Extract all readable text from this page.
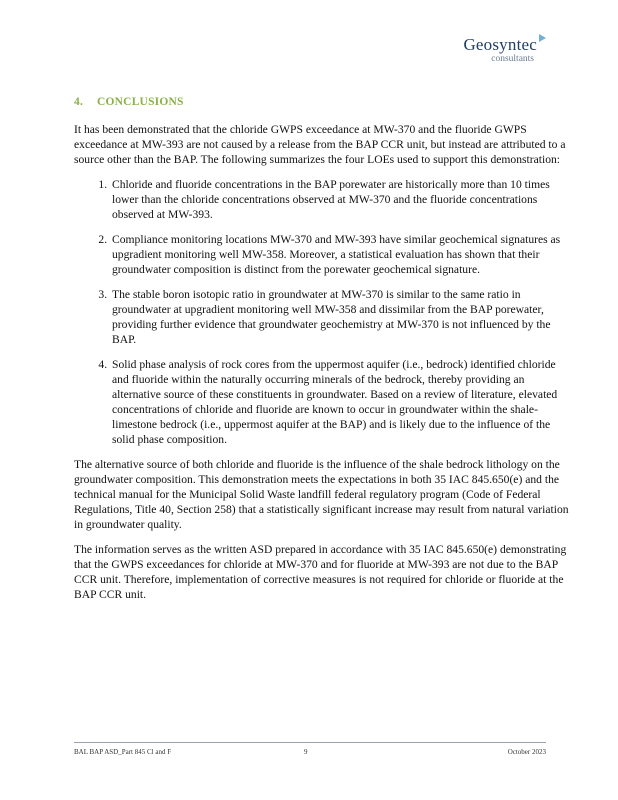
Geosyntec
consultants
4. CONCLUSIONS

It has been demonstrated that the chloride GWPS exceedance at MW-370 and the fluoride GWPS exceedance at MW-393 are not caused by a release from the BAP CCR unit, but instead are attributed to a source other than the BAP. The following summarizes the four LOEs used to support this demonstration:

1. Chloride and fluoride concentrations in the BAP porewater are historically more than 10 times lower than the chloride concentrations observed at MW-370 and the fluoride concentrations observed at MW-393.
2. Compliance monitoring locations MW-370 and MW-393 have similar geochemical signatures as upgradient monitoring well MW-358. Moreover, a statistical evaluation has shown that their groundwater composition is distinct from the porewater geochemical signature.
3. The stable boron isotopic ratio in groundwater at MW-370 is similar to the same ratio in groundwater at upgradient monitoring well MW-358 and dissimilar from the BAP porewater, providing further evidence that groundwater geochemistry at MW-370 is not influenced by the BAP.
4. Solid phase analysis of rock cores from the uppermost aquifer (i.e., bedrock) identified chloride and fluoride within the naturally occurring minerals of the bedrock, thereby providing an alternative source of these constituents in groundwater. Based on a review of literature, elevated concentrations of chloride and fluoride are known to occur in groundwater within the shale-limestone bedrock (i.e., uppermost aquifer at the BAP) and is likely due to the influence of the solid phase composition.

The alternative source of both chloride and fluoride is the influence of the shale bedrock lithology on the groundwater composition. This demonstration meets the expectations in both 35 IAC 845.650(e) and the technical manual for the Municipal Solid Waste landfill federal regulatory program (Code of Federal Regulations, Title 40, Section 258) that a statistically significant increase may result from natural variation in groundwater quality.

The information serves as the written ASD prepared in accordance with 35 IAC 845.650(e) demonstrating that the GWPS exceedances for chloride at MW-370 and for fluoride at MW-393 are not due to the BAP CCR unit. Therefore, implementation of corrective measures is not required for chloride or fluoride at the BAP CCR unit.

BAL BAP ASD_Part 845 Cl and F	9	October 2023
